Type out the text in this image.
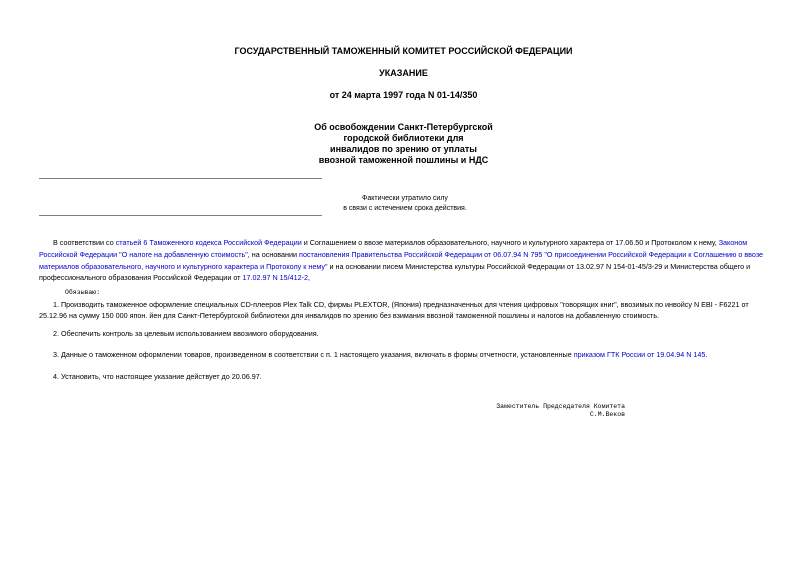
ГОСУДАРСТВЕННЫЙ ТАМОЖЕННЫЙ КОМИТЕТ РОССИЙСКОЙ ФЕДЕРАЦИИ
УКАЗАНИЕ
от 24 марта 1997 года N 01-14/350
Об освобождении Санкт-Петербургской
городской библиотеки для
инвалидов по зрению от уплаты
ввозной таможенной пошлины и НДС
Фактически утратило силу
в связи с истечением срока действия.
В соответствии со статьей 6 Таможенного кодекса Российской Федерации и Соглашением о ввозе материалов образовательного, научного и культурного характера от 17.06.50 и Протоколом к нему, Законом
Российской Федерации "О налоге на добавленную стоимость", на основании постановления Правительства Российской Федерации от 06.07.94 N 795 "О присоединении Российской Федерации к Соглашению о ввозе
материалов образовательного, научного и культурного характера и Протоколу к нему" и на основании писем Министерства культуры Российской Федерации от 13.02.97 N 154-01-45/3-29 и Министерства общего и
профессионального образования Российской Федерации от 17.02.97 N 15/412-2,
Обязываю:
1. Производить таможенное оформление специальных CD-плееров Plex Talk CD, фирмы PLEXTOR, (Япония) предназначенных для чтения цифровых "говорящих книг", ввозимых по инвойсу N EBI - F6221 от
25.12.96 на сумму 150 000 япон. йен для Санкт-Петербургской библиотеки для инвалидов по зрению без взимания ввозной таможенной пошлины и налогов на добавленную стоимость.
2. Обеспечить контроль за целевым использованием ввозимого оборудования.
3. Данные о таможенном оформлении товаров, произведенном в соответствии с п. 1 настоящего указания, включать в формы отчетности, установленные приказом ГТК России от 19.04.94 N 145.
4. Установить, что настоящее указание действует до 20.06.97.
Заместитель Председателя Комитета
С.М.Веков
